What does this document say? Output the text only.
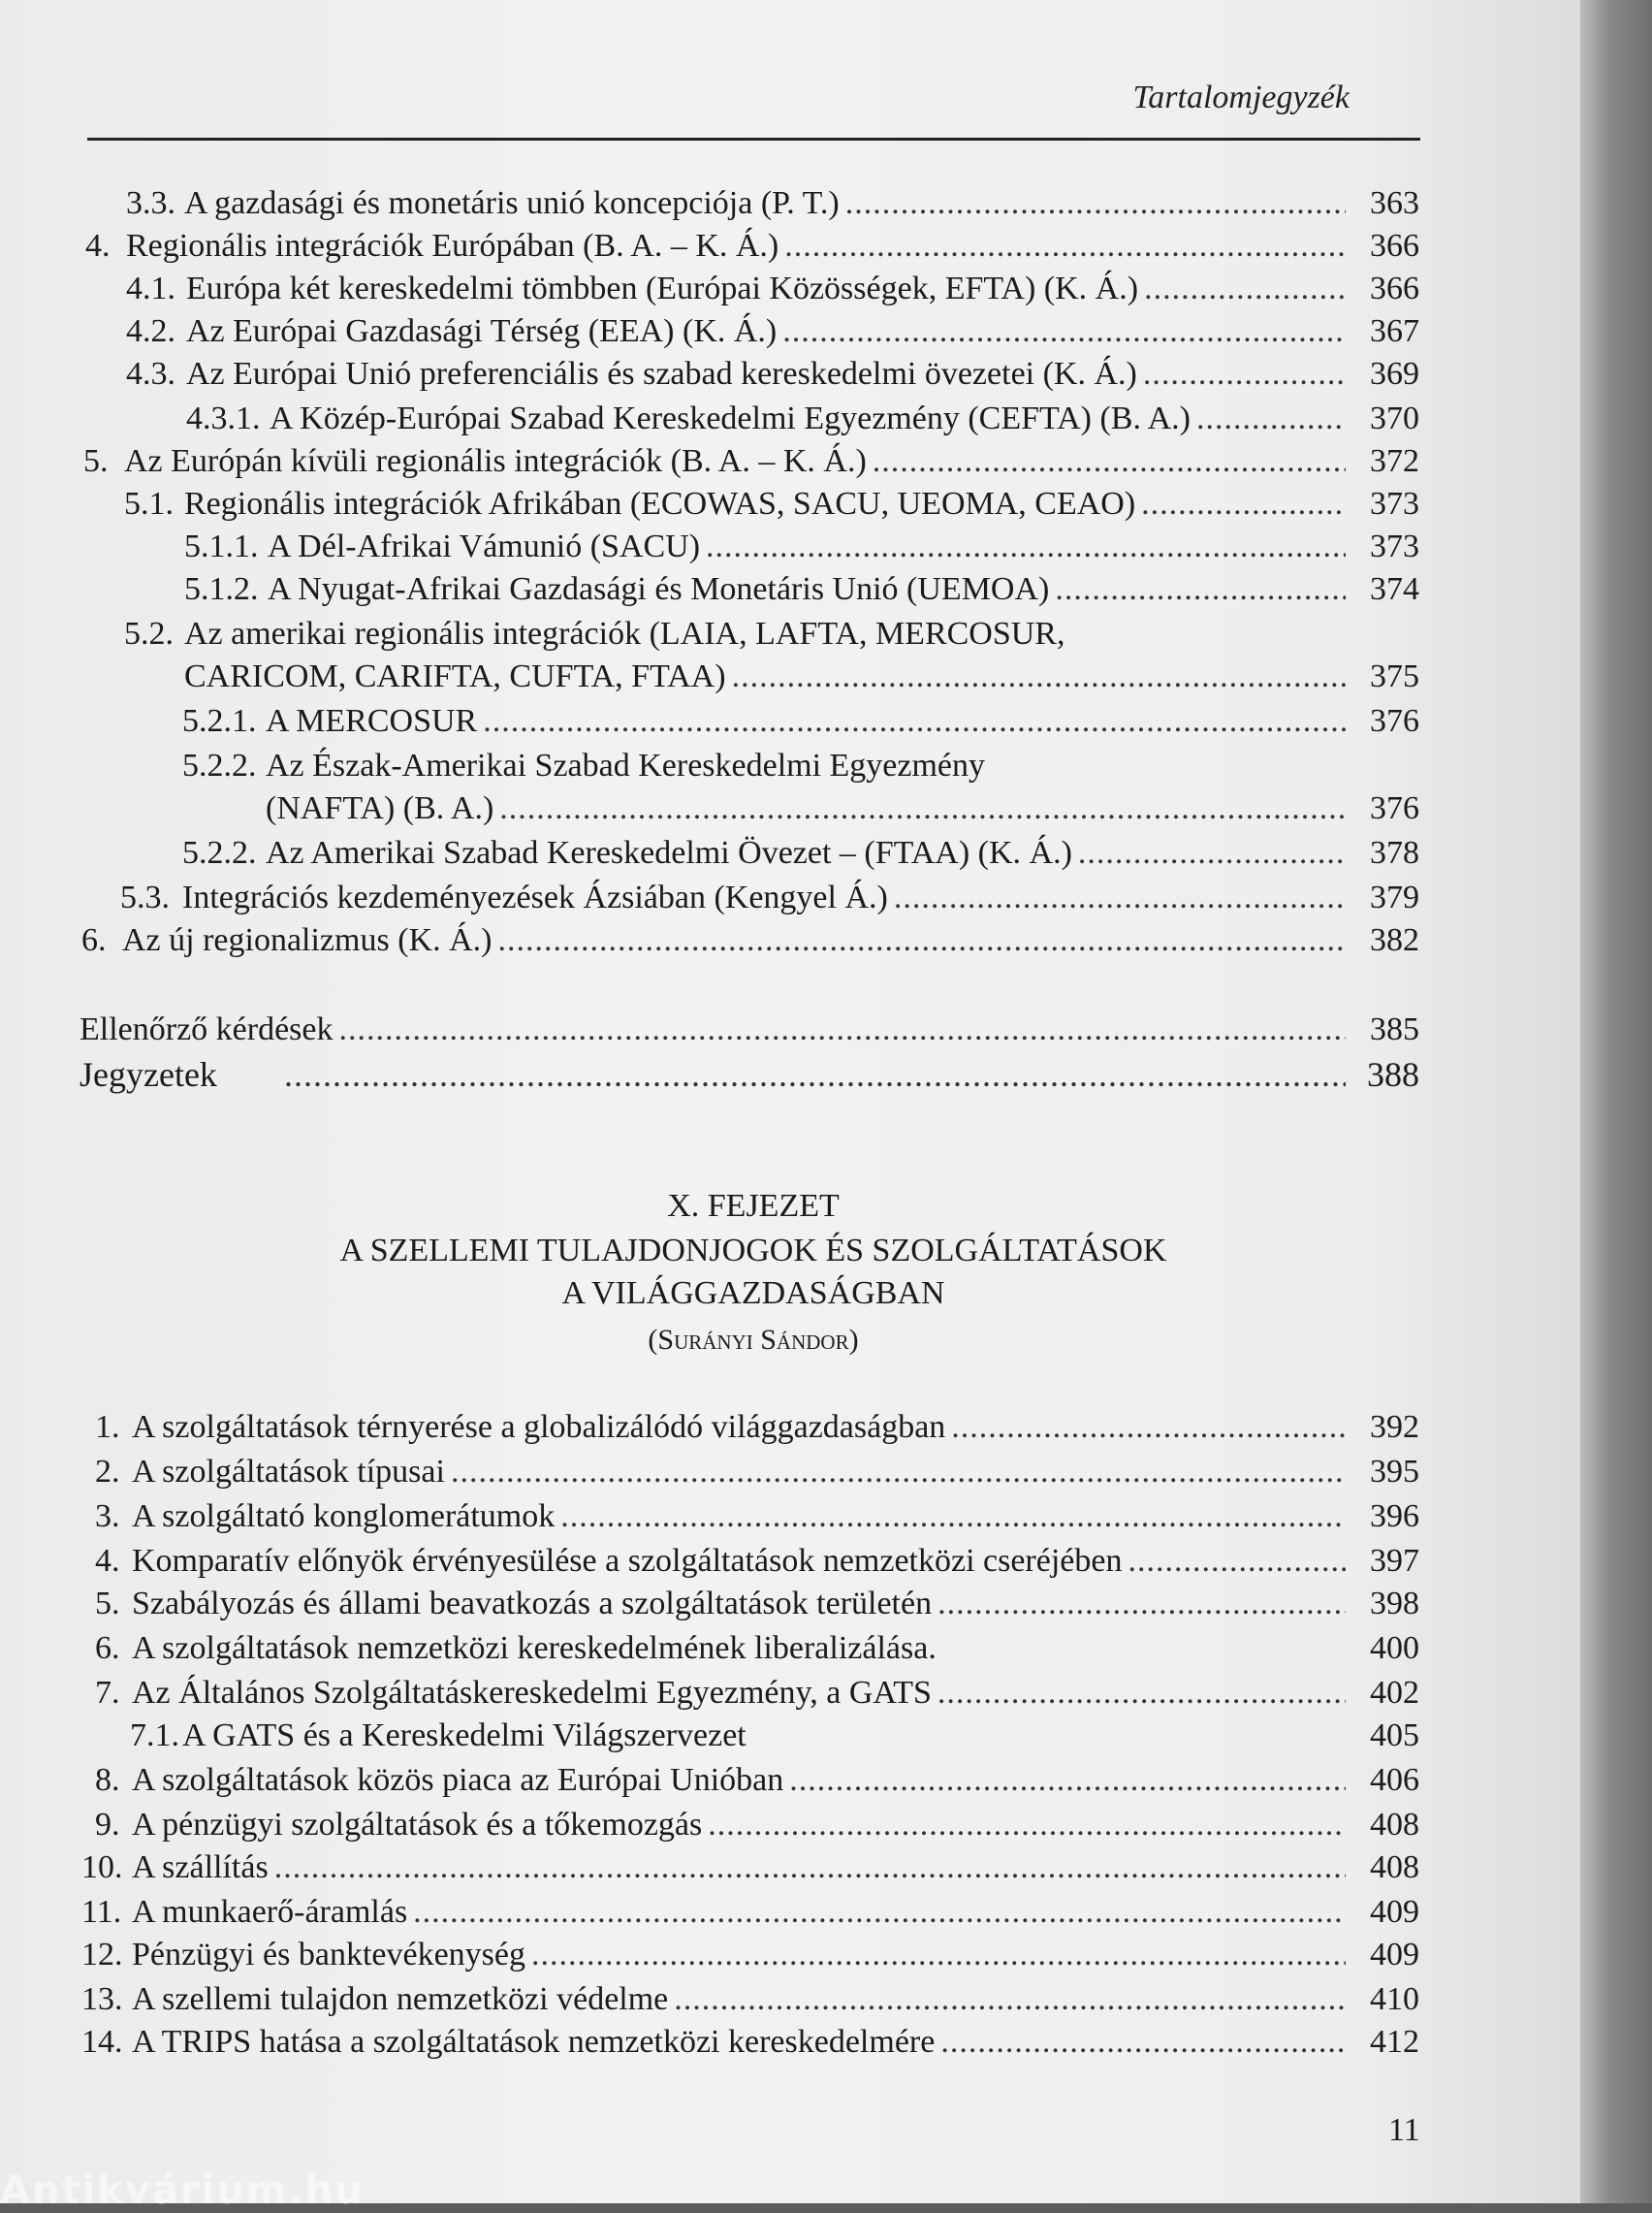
Tartalomjegyzék
3.3. A gazdasági és monetáris unió koncepciója (P. T.) .....	363
4. Regionális integrációk Európában (B. A. – K. Á.) .....	366
4.1. Európa két kereskedelmi tömbben (Európai Közösségek, EFTA) (K. Á.) .....	366
4.2. Az Európai Gazdasági Térség (EEA) (K. Á.) .....	367
4.3. Az Európai Unió preferenciális és szabad kereskedelmi övezetei (K. Á.) .....	369
4.3.1. A Közép-Európai Szabad Kereskedelmi Egyezmény (CEFTA) (B. A.) .....	370
5. Az Európán kívüli regionális integrációk (B. A. – K. Á.) .....	372
5.1. Regionális integrációk Afrikában (ECOWAS, SACU, UEOMA, CEAO) .....	373
5.1.1. A Dél-Afrikai Vámunió (SACU) .....	373
5.1.2. A Nyugat-Afrikai Gazdasági és Monetáris Unió (UEMOA) .....	374
5.2. Az amerikai regionális integrációk (LAIA, LAFTA, MERCOSUR,
CARICOM, CARIFTA, CUFTA, FTAA) .....	375
5.2.1. A MERCOSUR .....	376
5.2.2. Az Észak-Amerikai Szabad Kereskedelmi Egyezmény
(NAFTA) (B. A.) .....	376
5.2.2. Az Amerikai Szabad Kereskedelmi Övezet – (FTAA) (K. Á.) .....	378
5.3. Integrációs kezdeményezések Ázsiában (Kengyel Á.) .....	379
6. Az új regionalizmus (K. Á.) .....	382
Ellenőrző kérdések .....	385
Jegyzetek .....	388
X. FEJEZET
A SZELLEMI TULAJDONJOGOK ÉS SZOLGÁLTATÁSOK
A VILÁGGAZDASÁGBAN
(Surányi Sándor)
1. A szolgáltatások térnyerése a globalizálódó világgazdaságban .....	392
2. A szolgáltatások típusai .....	395
3. A szolgáltató konglomerátumok .....	396
4. Komparatív előnyök érvényesülése a szolgáltatások nemzetközi cseréjében .....	397
5. Szabályozás és állami beavatkozás a szolgáltatások területén .....	398
6. A szolgáltatások nemzetközi kereskedelmének liberalizálása.	400
7. Az Általános Szolgáltatáskereskedelmi Egyezmény, a GATS .....	402
7.1. A GATS és a Kereskedelmi Világszervezet	405
8. A szolgáltatások közös piaca az Európai Unióban .....	406
9. A pénzügyi szolgáltatások és a tőkemozgás .....	408
10. A szállítás .....	408
11. A munkaerő-áramlás .....	409
12. Pénzügyi és banktevékenység .....	409
13. A szellemi tulajdon nemzetközi védelme .....	410
14. A TRIPS hatása a szolgáltatások nemzetközi kereskedelmére .....	412
11
Antikvárium.hu
